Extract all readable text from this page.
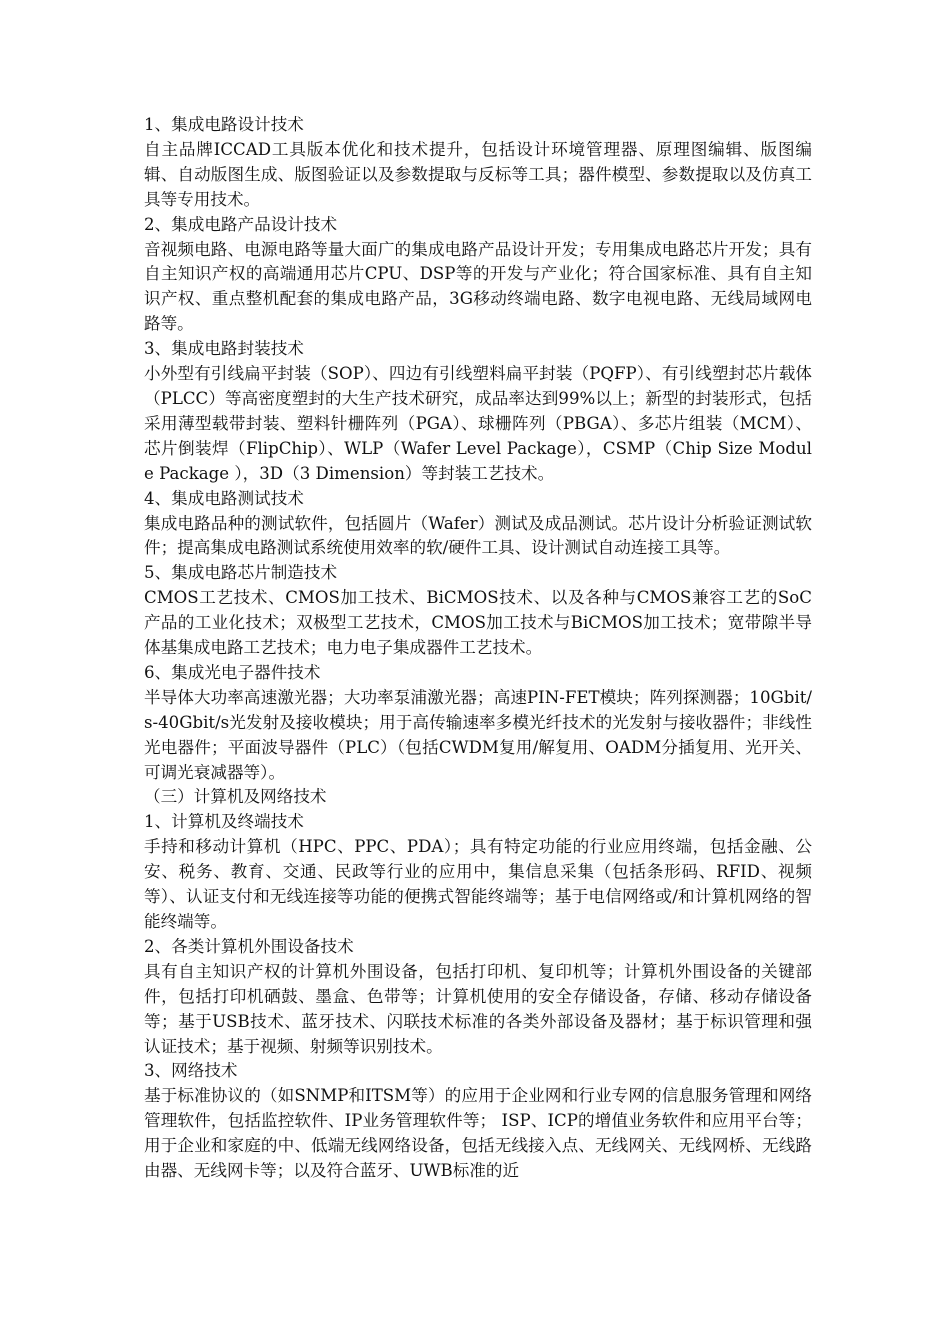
1、集成电路设计技术

自主品牌ICCAD工具版本优化和技术提升，包括设计环境管理器、原理图编辑、版图编辑、自动版图生成、版图验证以及参数提取与反标等工具；器件模型、参数提取以及仿真工具等专用技术。

2、集成电路产品设计技术

音视频电路、电源电路等量大面广的集成电路产品设计开发；专用集成电路芯片开发；具有自主知识产权的高端通用芯片CPU、DSP等的开发与产业化；符合国家标准、具有自主知识产权、重点整机配套的集成电路产品，3G移动终端电路、数字电视电路、无线局域网电路等。

3、集成电路封装技术

小外型有引线扁平封装（SOP）、四边有引线塑料扁平封装（PQFP）、有引线塑封芯片载体（PLCC）等高密度塑封的大生产技术研究，成品率达到99%以上；新型的封装形式，包括采用薄型载带封装、塑料针栅阵列（PGA）、球栅阵列（PBGA）、多芯片组装（MCM）、芯片倒装焊（FlipChip）、WLP（Wafer Level Package），CSMP（Chip Size Module Package ），3D（3 Dimension）等封装工艺技术。

4、集成电路测试技术

集成电路品种的测试软件，包括圆片（Wafer）测试及成品测试。芯片设计分析验证测试软件；提高集成电路测试系统使用效率的软/硬件工具、设计测试自动连接工具等。

5、集成电路芯片制造技术

CMOS工艺技术、CMOS加工技术、BiCMOS技术、以及各种与CMOS兼容工艺的SoC产品的工业化技术；双极型工艺技术，CMOS加工技术与BiCMOS加工技术；宽带隙半导体基集成电路工艺技术；电力电子集成器件工艺技术。

6、集成光电子器件技术

半导体大功率高速激光器；大功率泵浦激光器；高速PIN-FET模块；阵列探测器；10Gbit/s-40Gbit/s光发射及接收模块；用于高传输速率多模光纤技术的光发射与接收器件；非线性光电器件；平面波导器件（PLC）（包括CWDM复用/解复用、OADM分插复用、光开关、可调光衰减器等）。

（三）计算机及网络技术

1、计算机及终端技术

手持和移动计算机（HPC、PPC、PDA）；具有特定功能的行业应用终端，包括金融、公安、税务、教育、交通、民政等行业的应用中，集信息采集（包括条形码、RFID、视频等）、认证支付和无线连接等功能的便携式智能终端等；基于电信网络或/和计算机网络的智能终端等。

2、各类计算机外围设备技术

具有自主知识产权的计算机外围设备，包括打印机、复印机等；计算机外围设备的关键部件，包括打印机硒鼓、墨盒、色带等；计算机使用的安全存储设备，存储、移动存储设备等；基于USB技术、蓝牙技术、闪联技术标准的各类外部设备及器材；基于标识管理和强认证技术；基于视频、射频等识别技术。

3、网络技术

基于标准协议的（如SNMP和ITSM等）的应用于企业网和行业专网的信息服务管理和网络管理软件，包括监控软件、IP业务管理软件等； ISP、ICP的增值业务软件和应用平台等；用于企业和家庭的中、低端无线网络设备，包括无线接入点、无线网关、无线网桥、无线路由器、无线网卡等；以及符合蓝牙、UWB标准的近
